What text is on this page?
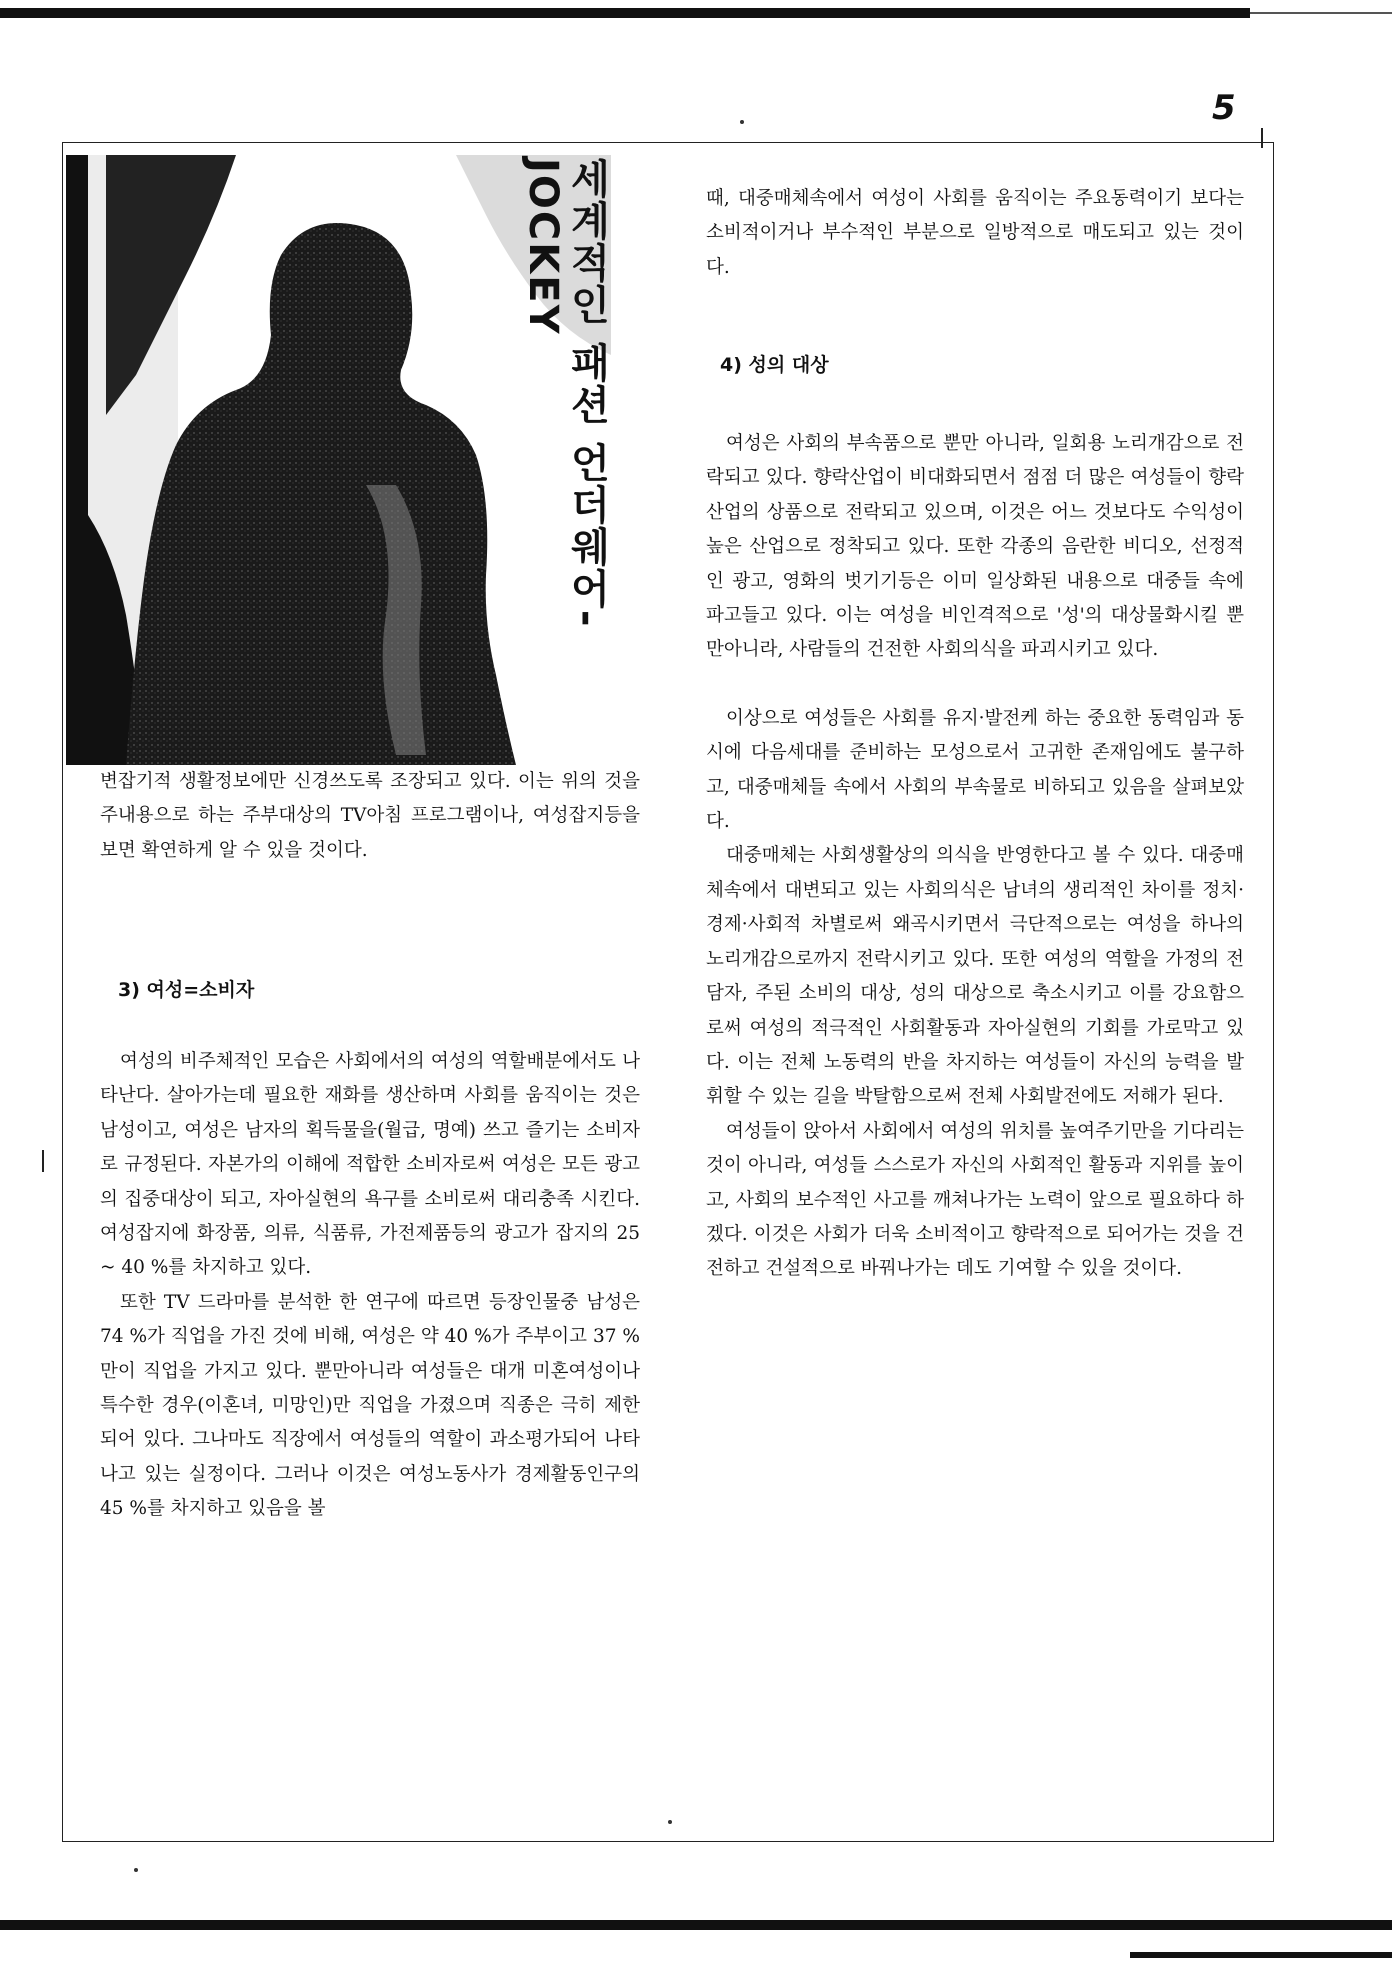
5
세계적인 패션 언더웨어-JOCKEY

변잡기적 생활정보에만 신경쓰도록 조장되고 있다. 이는 위의 것을 주내용으로 하는 주부대상의 TV아침 프로그램이나, 여성잡지등을 보면 확연하게 알 수 있을 것이다.

3) 여성=소비자

여성의 비주체적인 모습은 사회에서의 여성의 역할배분에서도 나타난다. 살아가는데 필요한 재화를 생산하며 사회를 움직이는 것은 남성이고, 여성은 남자의 획득물을(월급, 명예) 쓰고 즐기는 소비자로 규정된다. 자본가의 이해에 적합한 소비자로써 여성은 모든 광고의 집중대상이 되고, 자아실현의 욕구를 소비로써 대리충족 시킨다. 여성잡지에 화장품, 의류, 식품류, 가전제품등의 광고가 잡지의 25 ~ 40 %를 차지하고 있다.

또한 TV 드라마를 분석한 한 연구에 따르면 등장인물중 남성은 74 %가 직업을 가진 것에 비해, 여성은 약 40 %가 주부이고 37 %만이 직업을 가지고 있다. 뿐만아니라 여성들은 대개 미혼여성이나 특수한 경우(이혼녀, 미망인)만 직업을 가졌으며 직종은 극히 제한되어 있다. 그나마도 직장에서 여성들의 역할이 과소평가되어 나타나고 있는 실정이다. 그러나 이것은 여성노동사가 경제활동인구의 45 %를 차지하고 있음을 볼

때, 대중매체속에서 여성이 사회를 움직이는 주요동력이기 보다는 소비적이거나 부수적인 부분으로 일방적으로 매도되고 있는 것이다.

4) 성의 대상

여성은 사회의 부속품으로 뿐만 아니라, 일회용 노리개감으로 전락되고 있다. 향락산업이 비대화되면서 점점 더 많은 여성들이 향락산업의 상품으로 전락되고 있으며, 이것은 어느 것보다도 수익성이 높은 산업으로 정착되고 있다. 또한 각종의 음란한 비디오, 선정적인 광고, 영화의 벗기기등은 이미 일상화된 내용으로 대중들 속에 파고들고 있다. 이는 여성을 비인격적으로 '성'의 대상물화시킬 뿐만아니라, 사람들의 건전한 사회의식을 파괴시키고 있다.

이상으로 여성들은 사회를 유지·발전케 하는 중요한 동력임과 동시에 다음세대를 준비하는 모성으로서 고귀한 존재임에도 불구하고, 대중매체들 속에서 사회의 부속물로 비하되고 있음을 살펴보았다.

대중매체는 사회생활상의 의식을 반영한다고 볼 수 있다. 대중매체속에서 대변되고 있는 사회의식은 남녀의 생리적인 차이를 정치·경제·사회적 차별로써 왜곡시키면서 극단적으로는 여성을 하나의 노리개감으로까지 전락시키고 있다. 또한 여성의 역할을 가정의 전담자, 주된 소비의 대상, 성의 대상으로 축소시키고 이를 강요함으로써 여성의 적극적인 사회활동과 자아실현의 기회를 가로막고 있다. 이는 전체 노동력의 반을 차지하는 여성들이 자신의 능력을 발휘할 수 있는 길을 박탈함으로써 전체 사회발전에도 저해가 된다.

여성들이 앉아서 사회에서 여성의 위치를 높여주기만을 기다리는 것이 아니라, 여성들 스스로가 자신의 사회적인 활동과 지위를 높이고, 사회의 보수적인 사고를 깨쳐나가는 노력이 앞으로 필요하다 하겠다. 이것은 사회가 더욱 소비적이고 향락적으로 되어가는 것을 건전하고 건설적으로 바꿔나가는 데도 기여할 수 있을 것이다.
